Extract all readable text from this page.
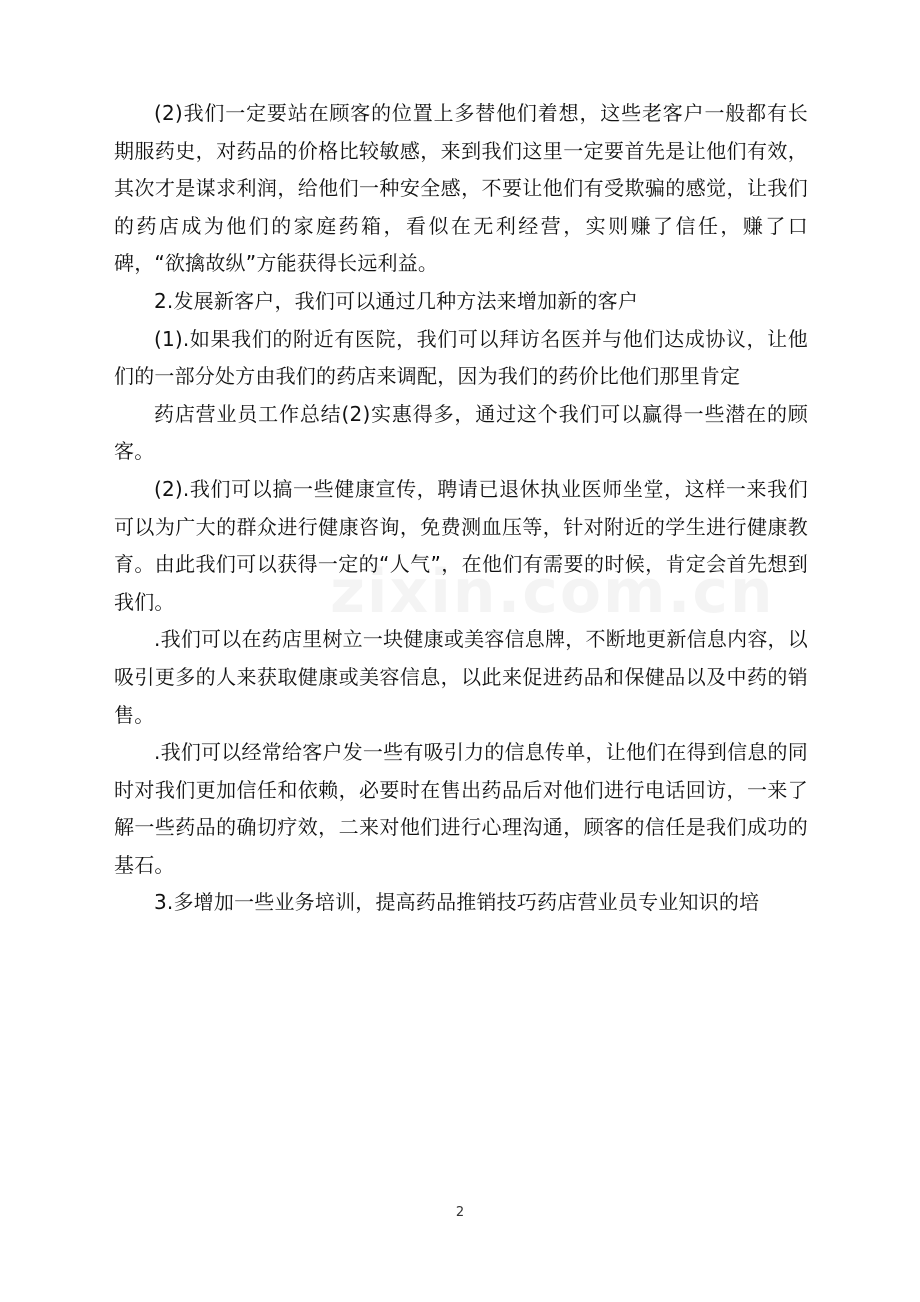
(2)我们一定要站在顾客的位置上多替他们着想，这些老客户一般都有长期服药史，对药品的价格比较敏感，来到我们这里一定要首先是让他们有效，其次才是谋求利润，给他们一种安全感，不要让他们有受欺骗的感觉，让我们的药店成为他们的家庭药箱，看似在无利经营，实则赚了信任，赚了口碑，“欲擒故纵”方能获得长远利益。

2.发展新客户，我们可以通过几种方法来增加新的客户

(1).如果我们的附近有医院，我们可以拜访名医并与他们达成协议，让他们的一部分处方由我们的药店来调配，因为我们的药价比他们那里肯定

药店营业员工作总结(2)实惠得多，通过这个我们可以赢得一些潜在的顾客。

(2).我们可以搞一些健康宣传，聘请已退休执业医师坐堂，这样一来我们可以为广大的群众进行健康咨询，免费测血压等，针对附近的学生进行健康教育。由此我们可以获得一定的“人气”，在他们有需要的时候，肯定会首先想到我们。

.我们可以在药店里树立一块健康或美容信息牌，不断地更新信息内容，以吸引更多的人来获取健康或美容信息，以此来促进药品和保健品以及中药的销售。

.我们可以经常给客户发一些有吸引力的信息传单，让他们在得到信息的同时对我们更加信任和依赖，必要时在售出药品后对他们进行电话回访，一来了解一些药品的确切疗效，二来对他们进行心理沟通，顾客的信任是我们成功的基石。

3.多增加一些业务培训，提高药品推销技巧药店营业员专业知识的培

2
